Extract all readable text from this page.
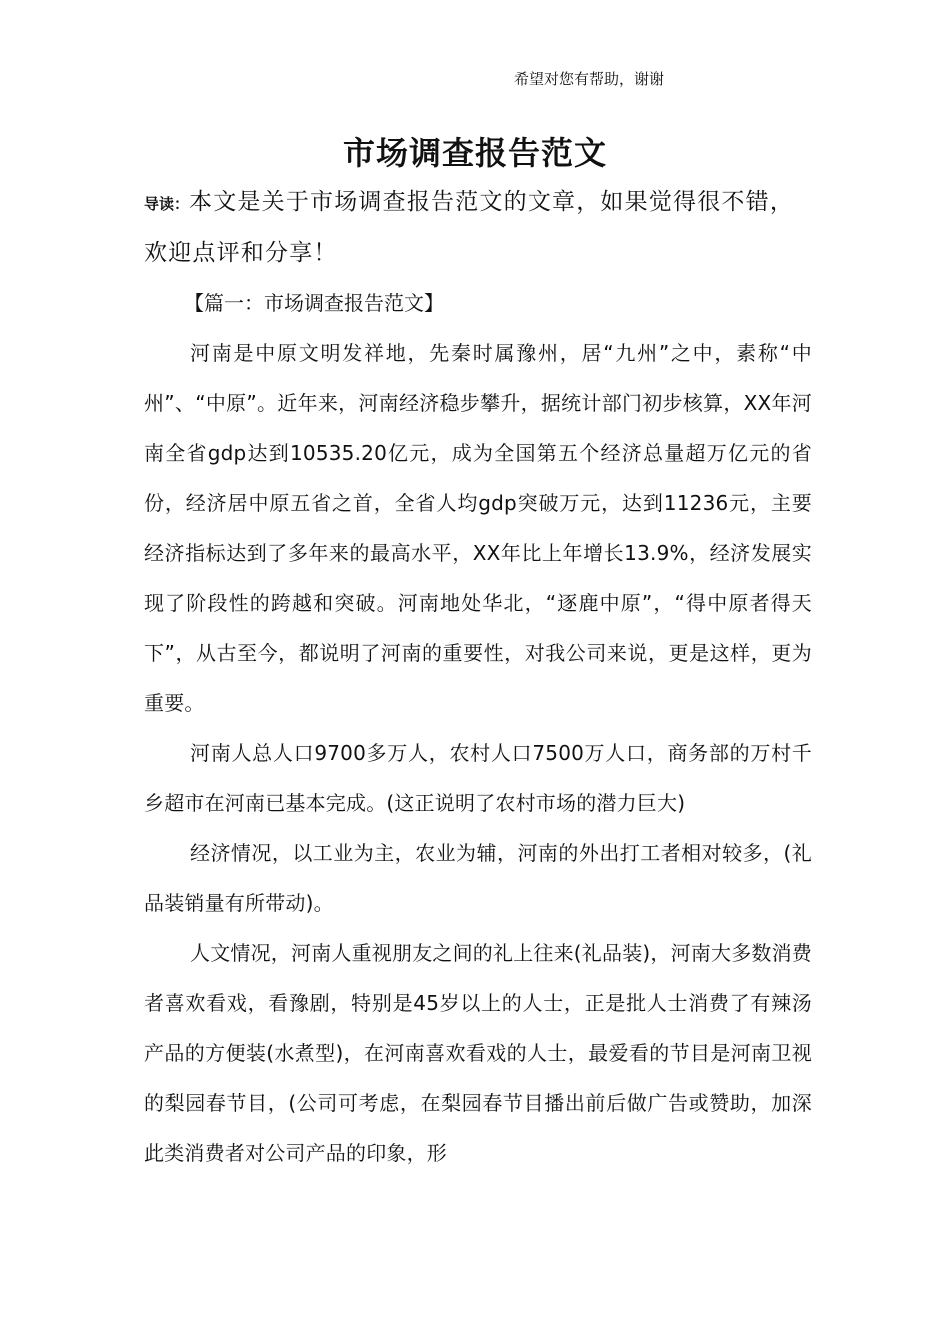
希望对您有帮助，谢谢
市场调查报告范文

导读：本文是关于市场调查报告范文的文章，如果觉得很不错，欢迎点评和分享！

【篇一：市场调查报告范文】

河南是中原文明发祥地，先秦时属豫州，居“九州”之中，素称“中州”、“中原”。近年来，河南经济稳步攀升，据统计部门初步核算，XX年河南全省gdp达到10535.20亿元，成为全国第五个经济总量超万亿元的省份，经济居中原五省之首，全省人均gdp突破万元，达到11236元，主要经济指标达到了多年来的最高水平，XX年比上年增长13.9%，经济发展实现了阶段性的跨越和突破。河南地处华北，“逐鹿中原”，“得中原者得天下”，从古至今，都说明了河南的重要性，对我公司来说，更是这样，更为重要。

河南人总人口9700多万人，农村人口7500万人口，商务部的万村千乡超市在河南已基本完成。(这正说明了农村市场的潜力巨大)

经济情况，以工业为主，农业为辅，河南的外出打工者相对较多，(礼品装销量有所带动)。

人文情况，河南人重视朋友之间的礼上往来(礼品装)，河南大多数消费者喜欢看戏，看豫剧，特别是45岁以上的人士，正是批人士消费了有辣汤产品的方便装(水煮型)，在河南喜欢看戏的人士，最爱看的节目是河南卫视的梨园春节目，(公司可考虑，在梨园春节目播出前后做广告或赞助，加深此类消费者对公司产品的印象，形
